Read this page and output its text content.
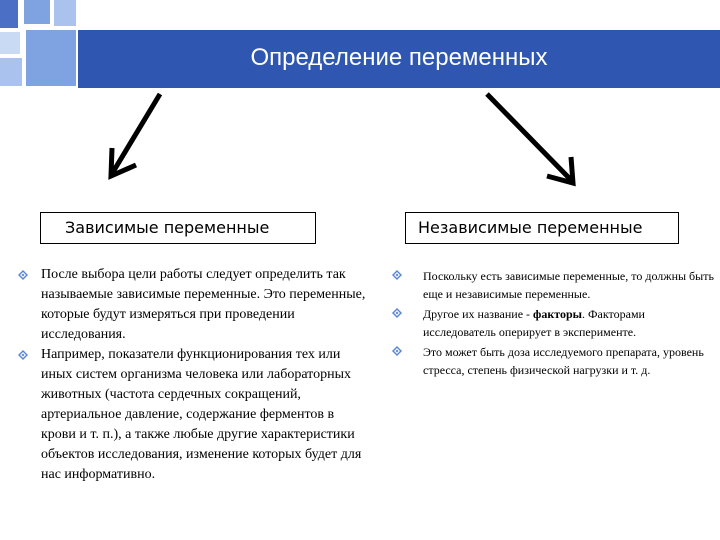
Определение переменных
Зависимые переменные	Независимые переменные
После выбора цели работы следует определить так называемые зависимые переменные. Это переменные, которые будут измеряться при проведении исследования.
Например, показатели функционирования тех или иных систем организма человека или лабораторных животных (частота сердечных сокращений, артериальное давление, содержание ферментов в крови и т. п.), а также любые другие характеристики объектов исследования, изменение которых будет для нас информативно.
Поскольку есть зависимые переменные, то должны быть еще и независимые переменные.
Другое их название - факторы. Факторами исследователь оперирует в эксперименте.
Это может быть доза исследуемого препарата, уровень стресса, степень физической нагрузки и т. д.
